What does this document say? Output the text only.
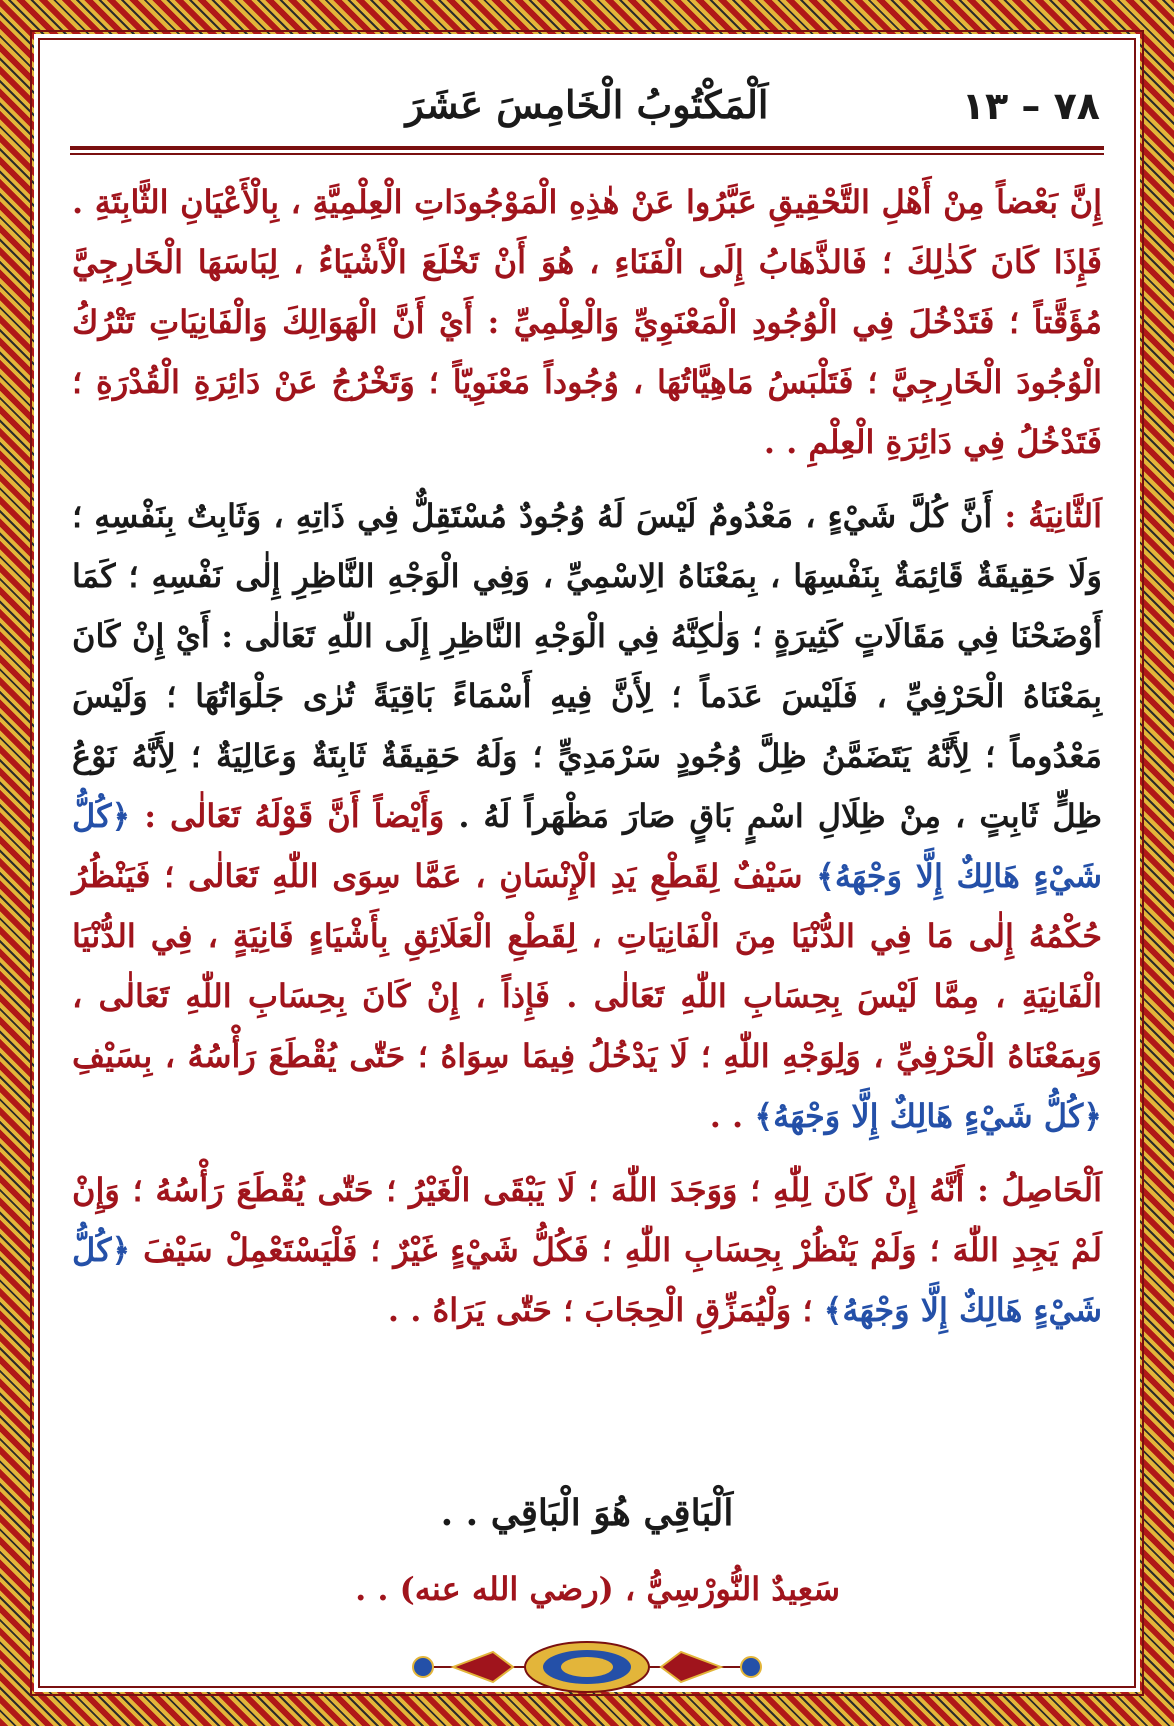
٧٨ – ١٣
اَلْمَكْتُوبُ الْخَامِسَ عَشَرَ

إِنَّ بَعْضاً مِنْ أَهْلِ التَّحْقِيقِ عَبَّرُوا عَنْ هٰذِهِ الْمَوْجُودَاتِ الْعِلْمِيَّةِ ، بِالْأَعْيَانِ الثَّابِتَةِ . فَإِذَا كَانَ كَذٰلِكَ ؛ فَالذَّهَابُ إِلَى الْفَنَاءِ ، هُوَ أَنْ تَخْلَعَ الْأَشْيَاءُ ، لِبَاسَهَا الْخَارِجِيَّ مُؤَقَّتاً ؛ فَتَدْخُلَ فِي الْوُجُودِ الْمَعْنَوِيِّ وَالْعِلْمِيِّ : أَيْ أَنَّ الْهَوَالِكَ وَالْفَانِيَاتِ تَتْرُكُ الْوُجُودَ الْخَارِجِيَّ ؛ فَتَلْبَسُ مَاهِيَّاتُهَا ، وُجُوداً مَعْنَوِيّاً ؛ وَتَخْرُجُ عَنْ دَائِرَةِ الْقُدْرَةِ ؛ فَتَدْخُلُ فِي دَائِرَةِ الْعِلْمِ . .

اَلثَّانِيَةُ : أَنَّ كُلَّ شَيْءٍ ، مَعْدُومٌ لَيْسَ لَهُ وُجُودٌ مُسْتَقِلٌّ فِي ذَاتِهِ ، وَثَابِتٌ بِنَفْسِهِ ؛ وَلَا حَقِيقَةٌ قَائِمَةٌ بِنَفْسِهَا ، بِمَعْنَاهُ الِاسْمِيِّ ، وَفِي الْوَجْهِ النَّاظِرِ إِلٰى نَفْسِهِ ؛ كَمَا أَوْضَحْنَا فِي مَقَالَاتٍ كَثِيرَةٍ ؛ وَلٰكِنَّهُ فِي الْوَجْهِ النَّاظِرِ إِلَى اللّٰهِ تَعَالٰى : أَيْ إِنْ كَانَ بِمَعْنَاهُ الْحَرْفِيِّ ، فَلَيْسَ عَدَماً ؛ لِأَنَّ فِيهِ أَسْمَاءً بَاقِيَةً تُرٰى جَلْوَاتُهَا ؛ وَلَيْسَ مَعْدُوماً ؛ لِأَنَّهُ يَتَضَمَّنُ ظِلَّ وُجُودٍ سَرْمَدِيٍّ ؛ وَلَهُ حَقِيقَةٌ ثَابِتَةٌ وَعَالِيَةٌ ؛ لِأَنَّهُ نَوْعُ ظِلٍّ ثَابِتٍ ، مِنْ ظِلَالِ اسْمٍ بَاقٍ صَارَ مَظْهَراً لَهُ . وَأَيْضاً أَنَّ قَوْلَهُ تَعَالٰى : ﴿كُلُّ شَيْءٍ هَالِكٌ إِلَّا وَجْهَهُ﴾ سَيْفٌ لِقَطْعِ يَدِ الْإِنْسَانِ ، عَمَّا سِوَى اللّٰهِ تَعَالٰى ؛ فَيَنْظُرُ حُكْمُهُ إِلٰى مَا فِي الدُّنْيَا مِنَ الْفَانِيَاتِ ، لِقَطْعِ الْعَلَائِقِ بِأَشْيَاءٍ فَانِيَةٍ ، فِي الدُّنْيَا الْفَانِيَةِ ، مِمَّا لَيْسَ بِحِسَابِ اللّٰهِ تَعَالٰى . فَإِذاً ، إِنْ كَانَ بِحِسَابِ اللّٰهِ تَعَالٰى ، وَبِمَعْنَاهُ الْحَرْفِيِّ ، وَلِوَجْهِ اللّٰهِ ؛ لَا يَدْخُلُ فِيمَا سِوَاهُ ؛ حَتّٰى يُقْطَعَ رَأْسُهُ ، بِسَيْفِ ﴿كُلُّ شَيْءٍ هَالِكٌ إِلَّا وَجْهَهُ﴾ . .

اَلْحَاصِلُ : أَنَّهُ إِنْ كَانَ لِلّٰهِ ؛ وَوَجَدَ اللّٰهَ ؛ لَا يَبْقَى الْغَيْرُ ؛ حَتّٰى يُقْطَعَ رَأْسُهُ ؛ وَإِنْ لَمْ يَجِدِ اللّٰهَ ؛ وَلَمْ يَنْظُرْ بِحِسَابِ اللّٰهِ ؛ فَكُلُّ شَيْءٍ غَيْرٌ ؛ فَلْيَسْتَعْمِلْ سَيْفَ ﴿كُلُّ شَيْءٍ هَالِكٌ إِلَّا وَجْهَهُ﴾ ؛ وَلْيُمَزِّقِ الْحِجَابَ ؛ حَتّٰى يَرَاهُ . .

اَلْبَاقِي هُوَ الْبَاقِي . .
سَعِيدٌ النُّورْسِيُّ ، (رضي الله عنه) . .
